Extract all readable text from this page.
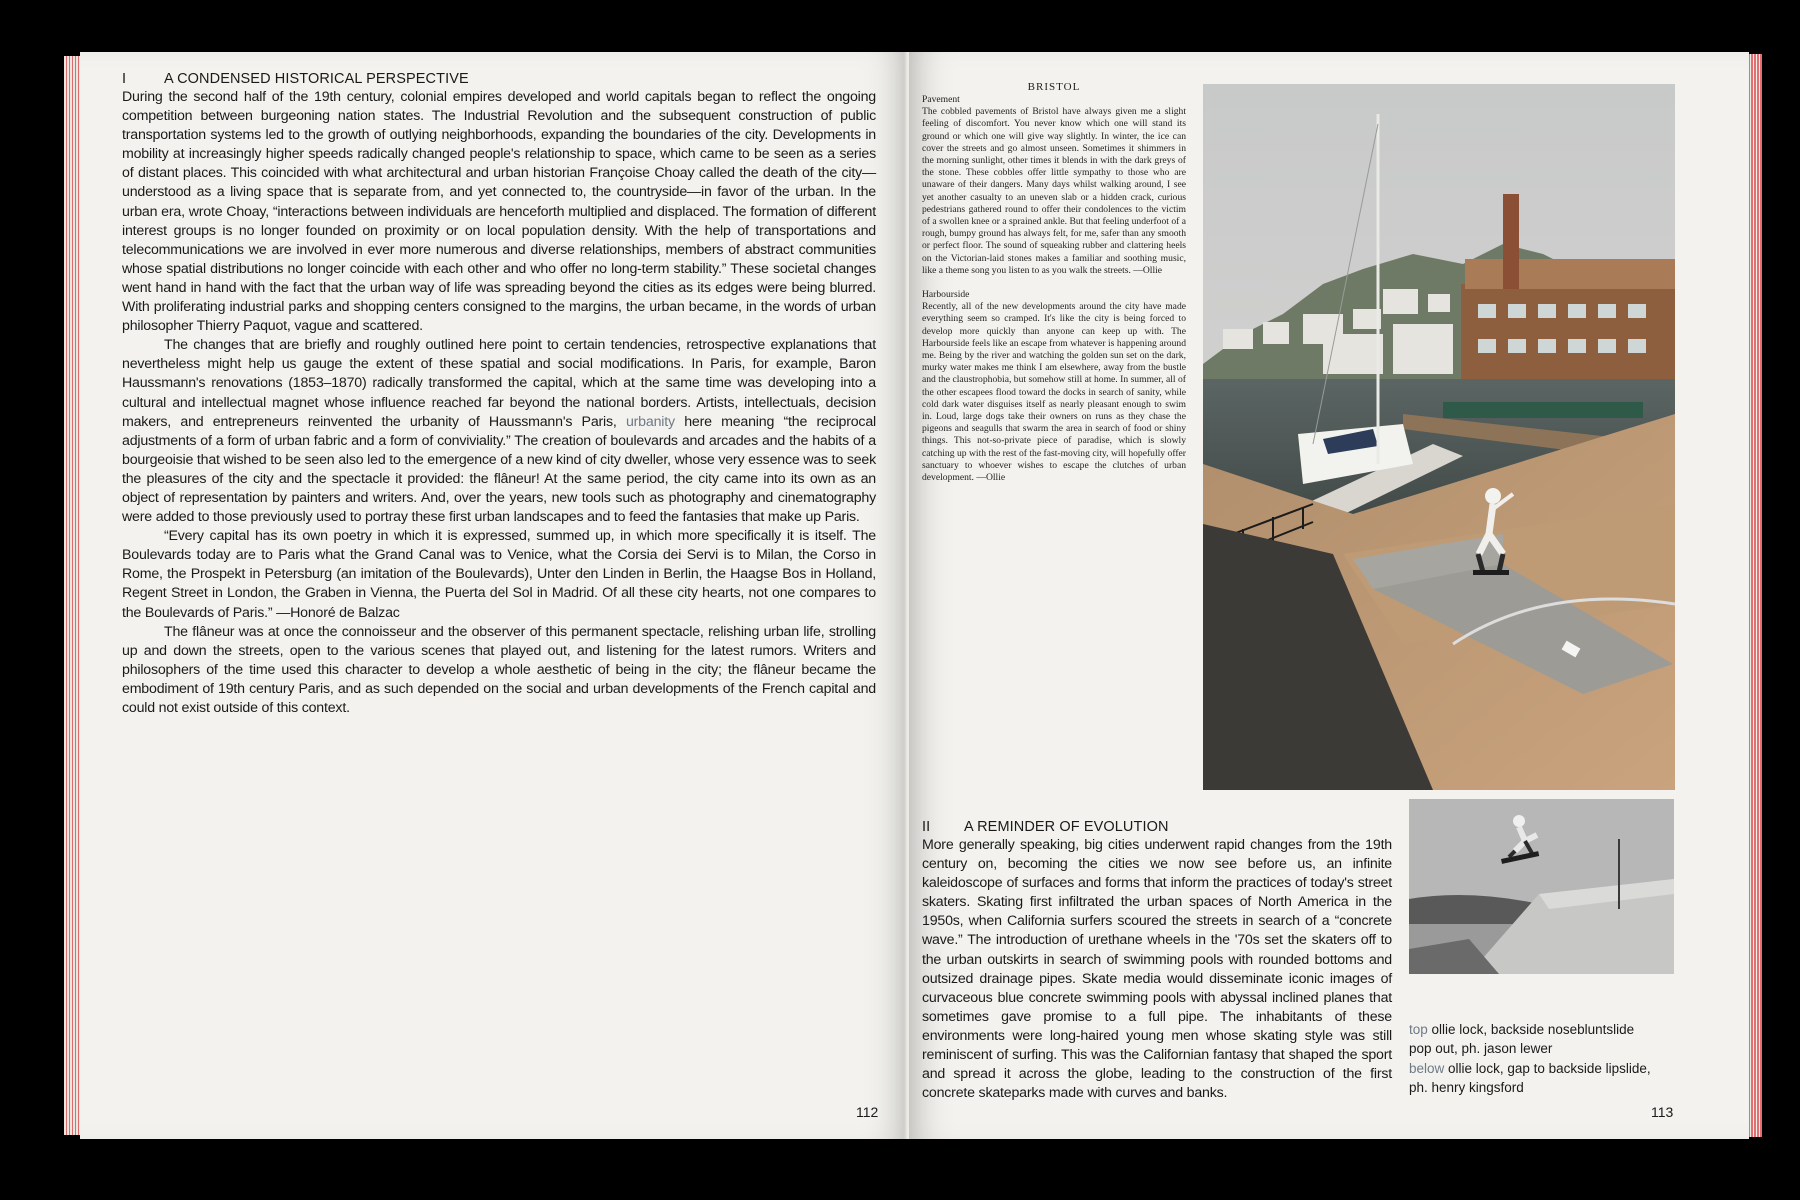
I	A CONDENSED HISTORICAL PERSPECTIVE

During the second half of the 19th century, colonial empires developed and world capitals began to reflect the ongoing competition between burgeoning nation states. The Industrial Revolution and the subsequent construction of public transportation systems led to the growth of outlying neighborhoods, expanding the boundaries of the city. Developments in mobility at increasingly higher speeds radically changed people's relationship to space, which came to be seen as a series of distant places. This coincided with what architectural and urban historian Françoise Choay called the death of the city—understood as a living space that is separate from, and yet connected to, the countryside—in favor of the urban. In the urban era, wrote Choay, “interactions between individuals are henceforth multiplied and displaced. The formation of different interest groups is no longer founded on proximity or on local population density. With the help of transportations and telecommunications we are involved in ever more numerous and diverse relationships, members of abstract communities whose spatial distributions no longer coincide with each other and who offer no long-term stability.” These societal changes went hand in hand with the fact that the urban way of life was spreading beyond the cities as its edges were being blurred. With proliferating industrial parks and shopping centers consigned to the margins, the urban became, in the words of urban philosopher Thierry Paquot, vague and scattered.

The changes that are briefly and roughly outlined here point to certain tendencies, retrospective explanations that nevertheless might help us gauge the extent of these spatial and social modifications. In Paris, for example, Baron Haussmann's renovations (1853–1870) radically transformed the capital, which at the same time was developing into a cultural and intellectual magnet whose influence reached far beyond the national borders. Artists, intellectuals, decision makers, and entrepreneurs reinvented the urbanity of Haussmann's Paris, urbanity here meaning “the reciprocal adjustments of a form of urban fabric and a form of conviviality.” The creation of boulevards and arcades and the habits of a bourgeoisie that wished to be seen also led to the emergence of a new kind of city dweller, whose very essence was to seek the pleasures of the city and the spectacle it provided: the flâneur! At the same period, the city came into its own as an object of representation by painters and writers. And, over the years, new tools such as photography and cinematography were added to those previously used to portray these first urban landscapes and to feed the fantasies that make up Paris.

“Every capital has its own poetry in which it is expressed, summed up, in which more specifically it is itself. The Boulevards today are to Paris what the Grand Canal was to Venice, what the Corsia dei Servi is to Milan, the Corso in Rome, the Prospekt in Petersburg (an imitation of the Boulevards), Unter den Linden in Berlin, the Haagse Bos in Holland, Regent Street in London, the Graben in Vienna, the Puerta del Sol in Madrid. Of all these city hearts, not one compares to the Boulevards of Paris.” —Honoré de Balzac

The flâneur was at once the connoisseur and the observer of this permanent spectacle, relishing urban life, strolling up and down the streets, open to the various scenes that played out, and listening for the latest rumors. Writers and philosophers of the time used this character to develop a whole aesthetic of being in the city; the flâneur became the embodiment of 19th century Paris, and as such depended on the social and urban developments of the French capital and could not exist outside of this context.

112
BRISTOL

Pavement

The cobbled pavements of Bristol have always given me a slight feeling of discomfort. You never know which one will stand its ground or which one will give way slightly. In winter, the ice can cover the streets and go almost unseen. Sometimes it shimmers in the morning sunlight, other times it blends in with the dark greys of the stone. These cobbles offer little sympathy to those who are unaware of their dangers. Many days whilst walking around, I see yet another casualty to an uneven slab or a hidden crack, curious pedestrians gathered round to offer their condolences to the victim of a swollen knee or a sprained ankle. But that feeling underfoot of a rough, bumpy ground has always felt, for me, safer than any smooth or perfect floor. The sound of squeaking rubber and clattering heels on the Victorian-laid stones makes a familiar and soothing music, like a theme song you listen to as you walk the streets. —Ollie

Harbourside

Recently, all of the new developments around the city have made everything seem so cramped. It's like the city is being forced to develop more quickly than anyone can keep up with. The Harbourside feels like an escape from whatever is happening around me. Being by the river and watching the golden sun set on the dark, murky water makes me think I am elsewhere, away from the bustle and the claustrophobia, but somehow still at home. In summer, all of the other escapees flood toward the docks in search of sanity, while cold dark water disguises itself as nearly pleasant enough to swim in. Loud, large dogs take their owners on runs as they chase the pigeons and seagulls that swarm the area in search of food or shiny things. This not-so-private piece of paradise, which is slowly catching up with the rest of the fast-moving city, will hopefully offer sanctuary to whoever wishes to escape the clutches of urban development. —Ollie

II A REMINDER OF EVOLUTION

More generally speaking, big cities underwent rapid changes from the 19th century on, becoming the cities we now see before us, an infinite kaleidoscope of surfaces and forms that inform the practices of today's street skaters. Skating first infiltrated the urban spaces of North America in the 1950s, when California surfers scoured the streets in search of a “concrete wave.” The introduction of urethane wheels in the '70s set the skaters off to the urban outskirts in search of swimming pools with rounded bottoms and outsized drainage pipes. Skate media would disseminate iconic images of curvaceous blue concrete swimming pools with abyssal inclined planes that sometimes gave promise to a full pipe. The inhabitants of these environments were long-haired young men whose skating style was still reminiscent of surfing. This was the Californian fantasy that shaped the sport and spread it across the globe, leading to the construction of the first concrete skateparks made with curves and banks.

top ollie lock, backside nosebluntslide
pop out, ph. jason lewer
below ollie lock, gap to backside lipslide,
ph. henry kingsford
113
